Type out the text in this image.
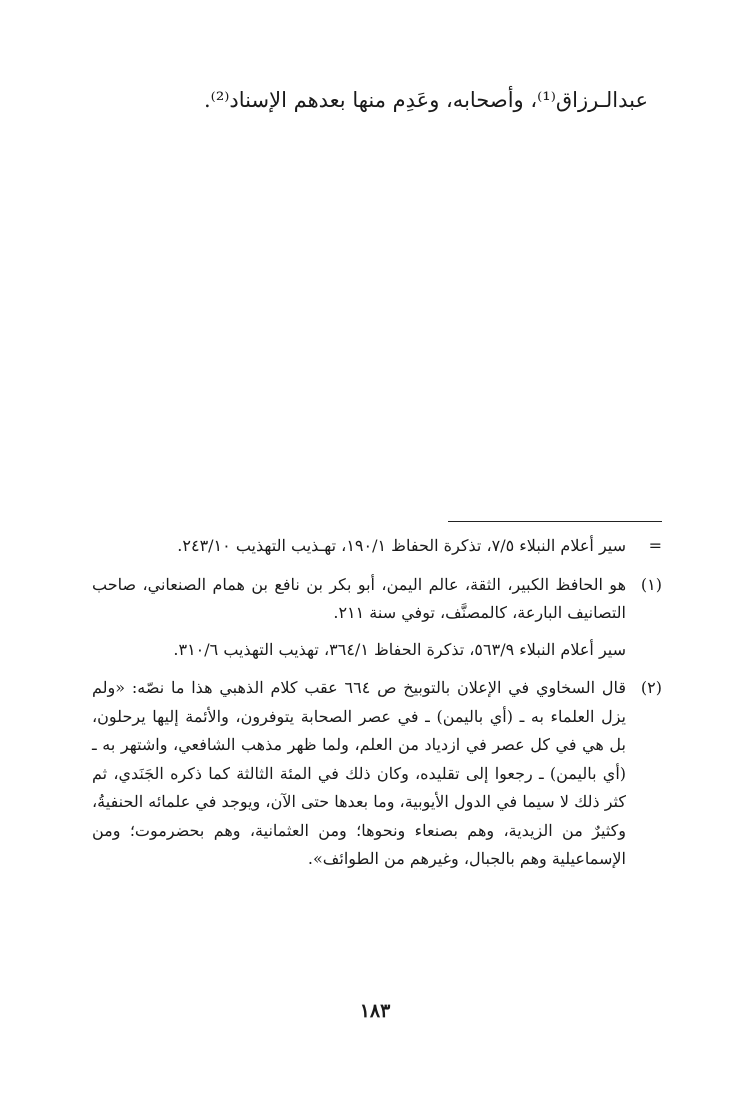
عبدالـرزاق⁽¹⁾، وأصحابه، وعَدِم منها بعدهم الإسناد⁽²⁾.

=

سير أعلام النبلاء ٧/٥، تذكرة الحفاظ ١٩٠/١، تهـذيب التهذيب ٢٤٣/١٠.

(١)

هو الحافظ الكبير، الثقة، عالم اليمن، أبو بكر بن نافع بن همام الصنعاني، صاحب التصانيف البارعة، كالمصنَّف، توفي سنة ٢١١.

سير أعلام النبلاء ٥٦٣/٩، تذكرة الحفاظ ٣٦٤/١، تهذيب التهذيب ٣١٠/٦.

(٢)

قال السخاوي في الإعلان بالتوبيخ ص ٦٦٤ عقب كلام الذهبي هذا ما نصّه: «ولم يزل العلماء به ـ (أي باليمن) ـ في عصر الصحابة يتوفرون، والأئمة إليها يرحلون، بل هي في كل عصر في ازدياد من العلم، ولما ظهر مذهب الشافعي، واشتهر به ـ (أي باليمن) ـ رجعوا إلى تقليده، وكان ذلك في المئة الثالثة كما ذكره الجَنَدي، ثم كثر ذلك لا سيما في الدول الأيوبية، وما بعدها حتى الآن، ويوجد في علمائه الحنفيةُ، وكثيرٌ من الزيدية، وهم بصنعاء ونحوها؛ ومن العثمانية، وهم بحضرموت؛ ومن الإسماعيلية وهم بالجبال، وغيرهم من الطوائف».

١٨٣
